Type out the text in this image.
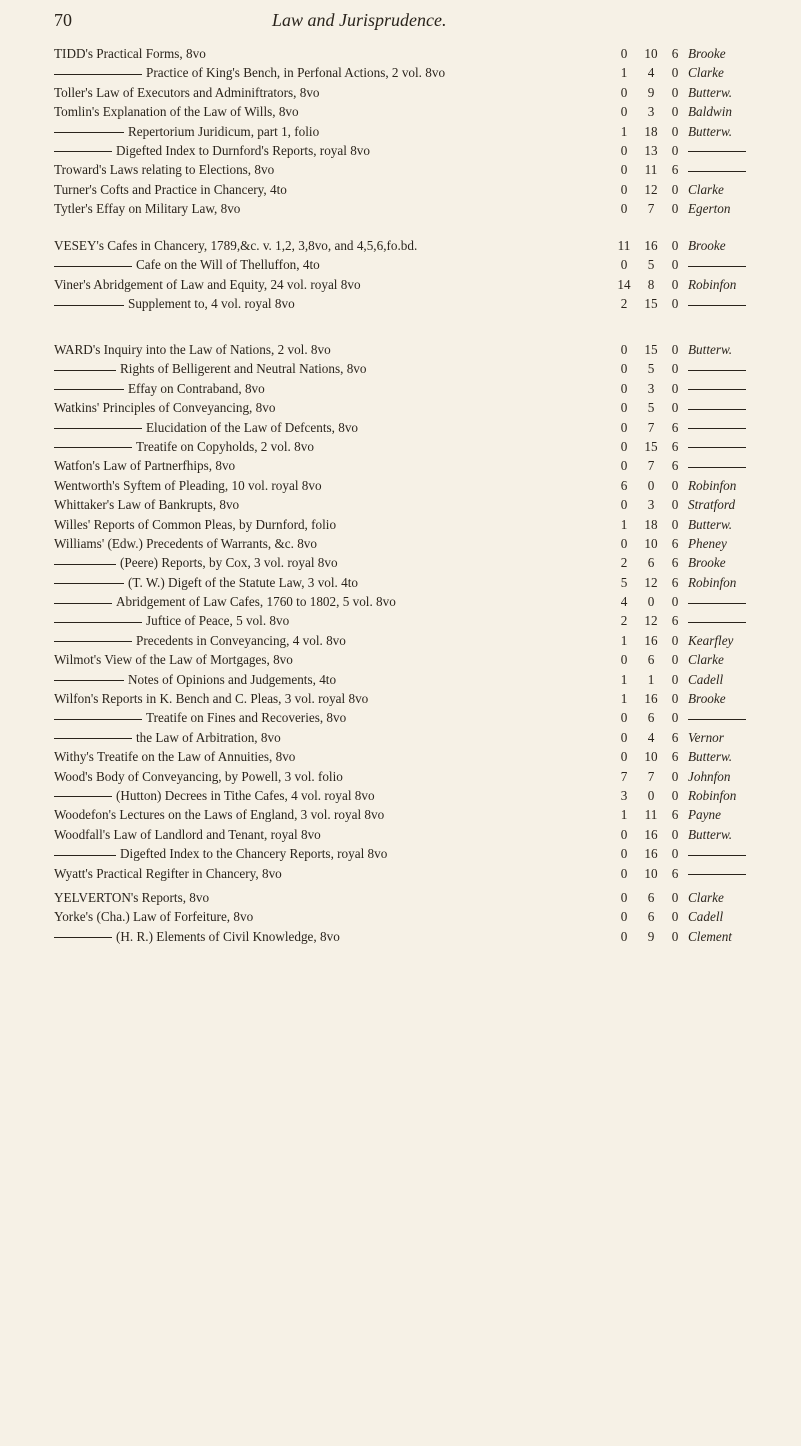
70	Law and Jurisprudence.
TIDD's Practical Forms, 8vo	0	10	6 Brooke
Practice of King's Bench, in Perfonal Actions, 2 vol. 8vo	1	4	0 Clarke
Toller's Law of Executors and Adminiftrators, 8vo	0	9	0 Butterw.
Tomlin's Explanation of the Law of Wills, 8vo	0	3	0 Baldwin
Repertorium Juridicum, part 1, folio	1	18	0 Butterw.
Digefted Index to Durnford's Reports, royal 8vo	0	13	0
Troward's Laws relating to Elections, 8vo	0	11	6
Turner's Cofts and Practice in Chancery, 4to	0	12	0 Clarke
Tytler's Effay on Military Law, 8vo	0	7	0 Egerton
VESEY's Cafes in Chancery, 1789,&c. v. 1,2, 3,8vo, and 4,5,6,fo.bd.	11	16	0 Brooke
Cafe on the Will of Thelluffon, 4to	0	5	0
Viner's Abridgement of Law and Equity, 24 vol. royal 8vo	14	8	0 Robinfon
Supplement to, 4 vol. royal 8vo	2	15	0
WARD's Inquiry into the Law of Nations, 2 vol. 8vo	0	15	0 Butterw.
Rights of Belligerent and Neutral Nations, 8vo	0	5	0
Effay on Contraband, 8vo	0	3	0
Watkins' Principles of Conveyancing, 8vo	0	5	0
Elucidation of the Law of Defcents, 8vo	0	7	6
Treatife on Copyholds, 2 vol. 8vo	0	15	6
Watfon's Law of Partnerfhips, 8vo	0	7	6
Wentworth's Syftem of Pleading, 10 vol. royal 8vo	6	0	0 Robinfon
Whittaker's Law of Bankrupts, 8vo	0	3	0 Stratford
Willes' Reports of Common Pleas, by Durnford, folio	1	18	0 Butterw.
Williams' (Edw.) Precedents of Warrants, &c. 8vo	0	10	6 Pheney
(Peere) Reports, by Cox, 3 vol. royal 8vo	2	6	6 Brooke
(T. W.) Digeft of the Statute Law, 3 vol. 4to	5	12	6 Robinfon
Abridgement of Law Cafes, 1760 to 1802, 5 vol. 8vo	4	0	0
Juftice of Peace, 5 vol. 8vo	2	12	6
Precedents in Conveyancing, 4 vol. 8vo	1	16	0 Kearfley
Wilmot's View of the Law of Mortgages, 8vo	0	6	0 Clarke
Notes of Opinions and Judgements, 4to	1	1	0 Cadell
Wilfon's Reports in K. Bench and C. Pleas, 3 vol. royal 8vo	1	16	0 Brooke
Treatife on Fines and Recoveries, 8vo	0	6	0
the Law of Arbitration, 8vo	0	4	6 Vernor
Withy's Treatife on the Law of Annuities, 8vo	0	10	6 Butterw.
Wood's Body of Conveyancing, by Powell, 3 vol. folio	7	7	0 Johnfon
(Hutton) Decrees in Tithe Cafes, 4 vol. royal 8vo	3	0	0 Robinfon
Woodefon's Lectures on the Laws of England, 3 vol. royal 8vo	1	11	6 Payne
Woodfall's Law of Landlord and Tenant, royal 8vo	0	16	0 Butterw.
Digefted Index to the Chancery Reports, royal 8vo	0	16	0
Wyatt's Practical Regifter in Chancery, 8vo	0	10	6
YELVERTON's Reports, 8vo	0	6	0 Clarke
Yorke's (Cha.) Law of Forfeiture, 8vo	0	6	0 Cadell
(H. R.) Elements of Civil Knowledge, 8vo	0	9	0 Clement
